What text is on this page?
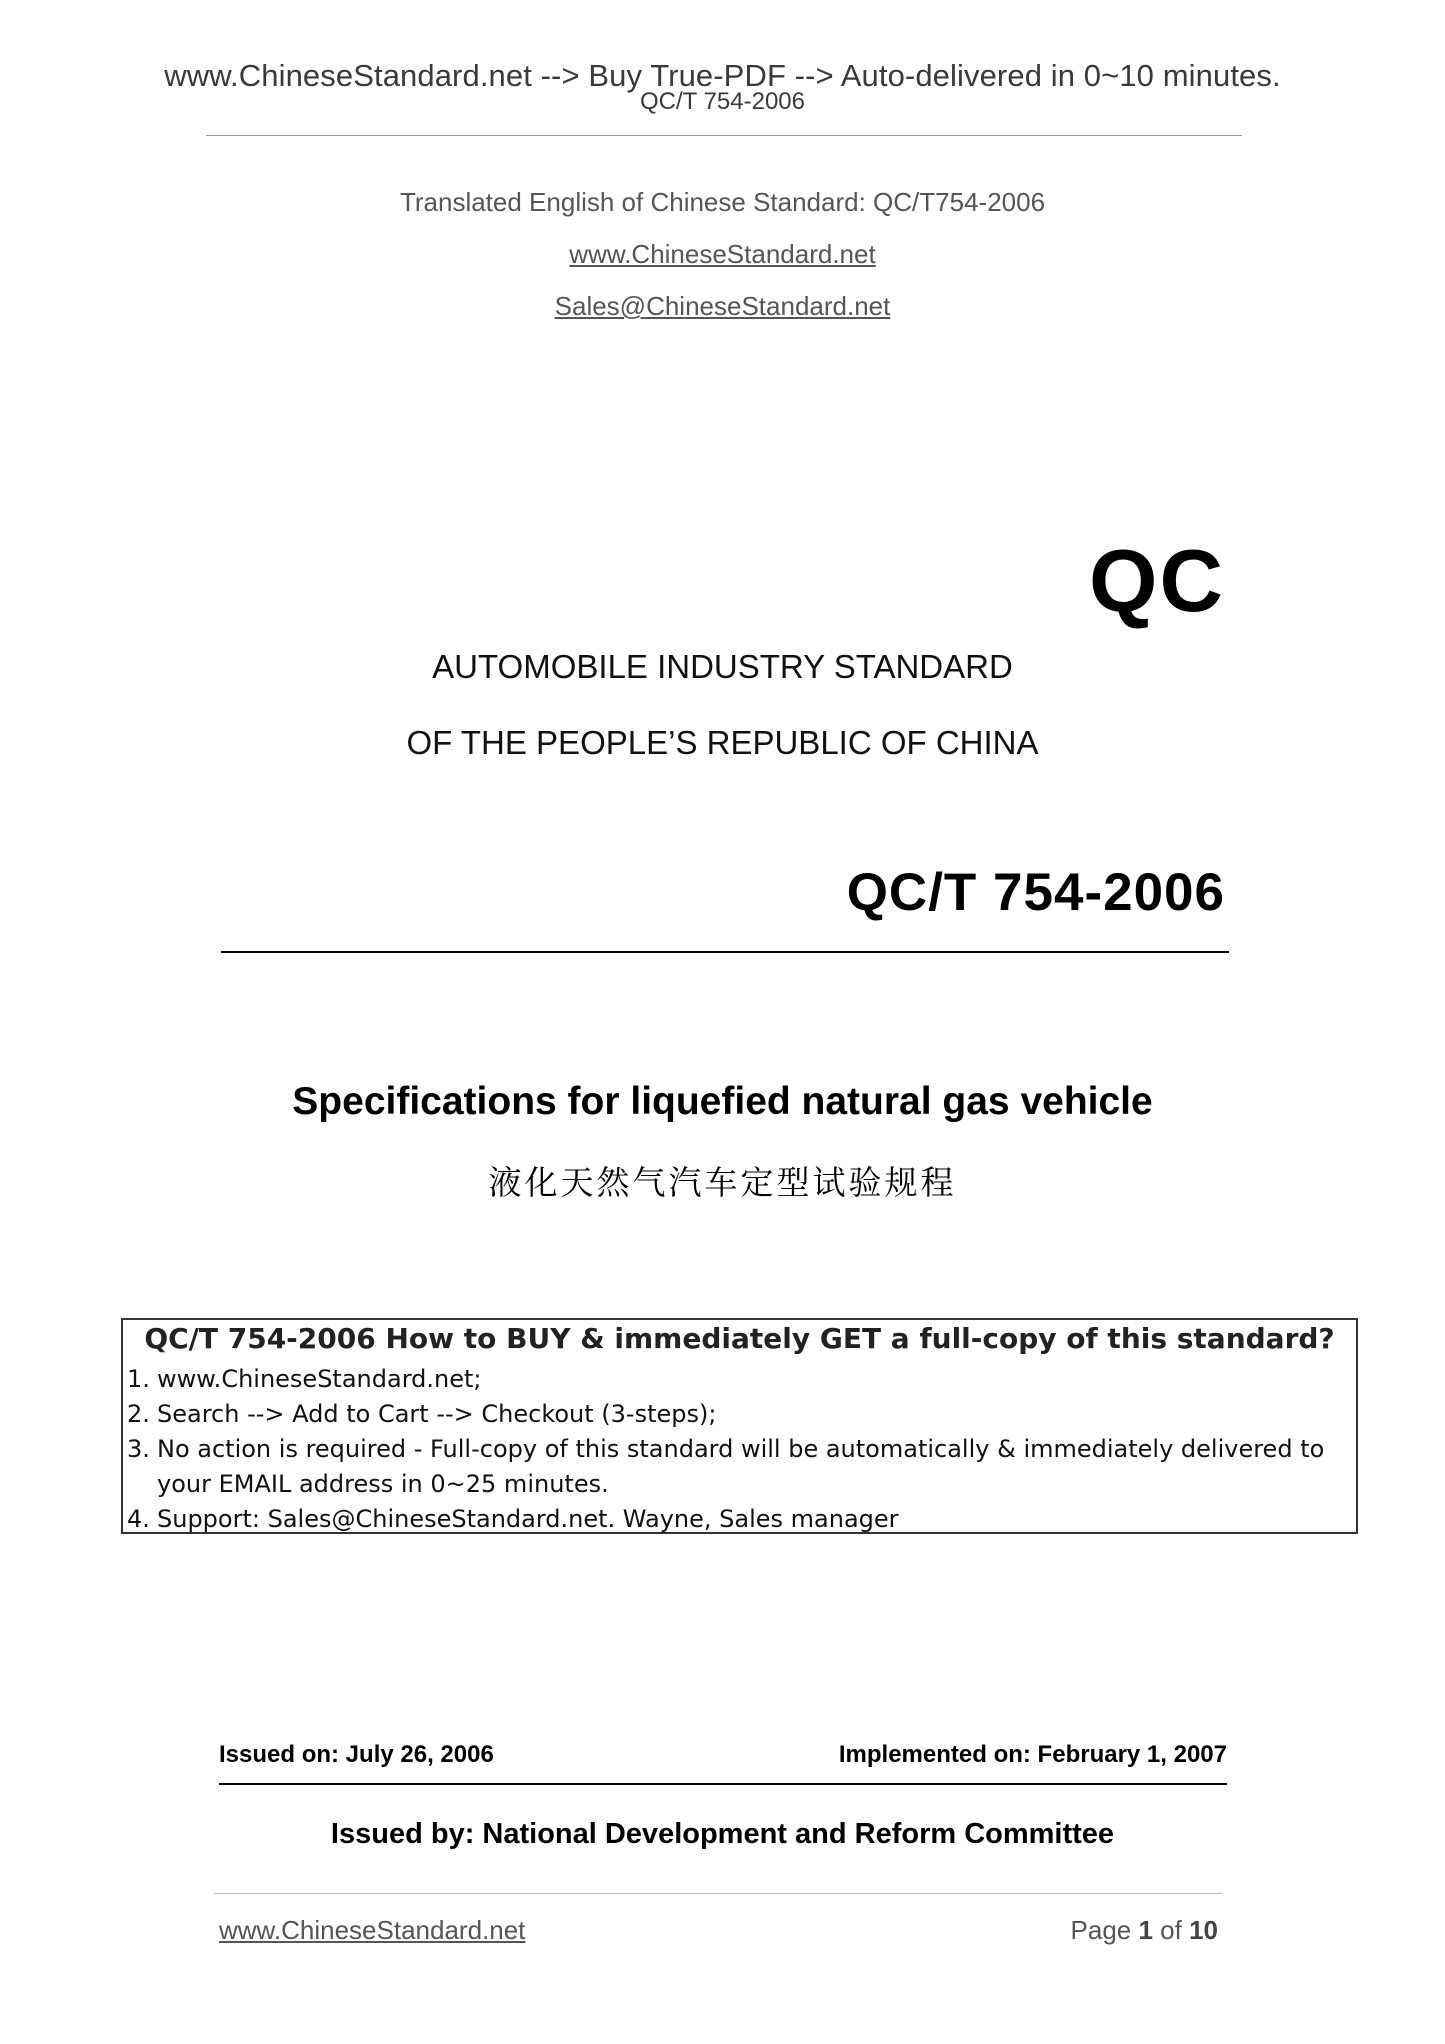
www.ChineseStandard.net --> Buy True-PDF --> Auto-delivered in 0~10 minutes.
QC/T 754-2006
Translated English of Chinese Standard: QC/T754-2006
www.ChineseStandard.net
Sales@ChineseStandard.net
QC
AUTOMOBILE INDUSTRY STANDARD
OF THE PEOPLE’S REPUBLIC OF CHINA
QC/T 754-2006
Specifications for liquefied natural gas vehicle
液化天然气汽车定型试验规程
QC/T 754-2006 How to BUY & immediately GET a full-copy of this standard?
1. www.ChineseStandard.net;
2. Search --> Add to Cart --> Checkout (3-steps);
3. No action is required - Full-copy of this standard will be automatically & immediately delivered to
your EMAIL address in 0~25 minutes.
4. Support: Sales@ChineseStandard.net. Wayne, Sales manager
Issued on: July 26, 2006	Implemented on: February 1, 2007
Issued by: National Development and Reform Committee
www.ChineseStandard.net	Page 1 of 10
